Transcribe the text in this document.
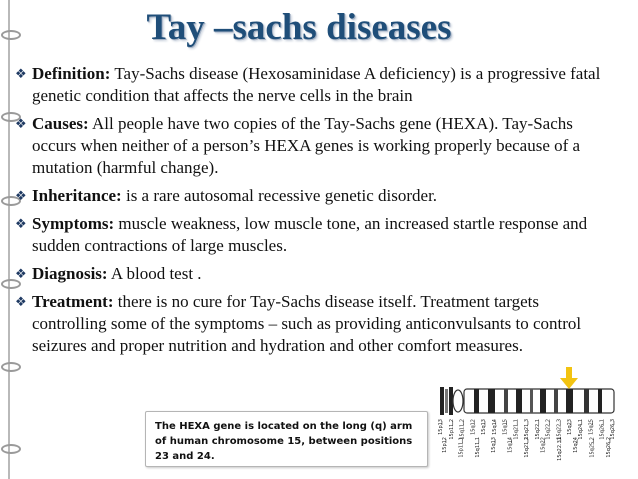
Tay –sachs diseases
❖ Definition: Tay-Sachs disease (Hexosaminidase A deficiency) is a progressive fatal genetic condition that affects the nerve cells in the brain
❖ Causes: All people have two copies of the Tay-Sachs gene (HEXA). Tay-Sachs occurs when neither of a person’s HEXA genes is working properly because of a mutation (harmful change).
❖ Inheritance: is a rare autosomal recessive genetic disorder.
❖ Symptoms: muscle weakness, low muscle tone, an increased startle response and sudden contractions of large muscles.
❖ Diagnosis: A blood test .
❖ Treatment: there is no cure for Tay-Sachs disease itself. Treatment targets controlling some of the symptoms – such as providing anticonvulsants to control seizures and proper nutrition and hydration and other comfort measures.
The HEXA gene is located on the long (q) arm of human chromosome 15, between positions 23 and 24.
15p13 15p11.2 15q11.2 15q12 15q13 15q14 15q15 15q21.1 15q21.3 15q22.1 15q22.2 15q22.3 15q23 15q24.1 15q25 15q26.1 15q26.3
15p12 15p11.1 15q11.1 15q13 15q14 15q21.2 15q22 15q22.31 15q24 15q25.2 15q26.2
